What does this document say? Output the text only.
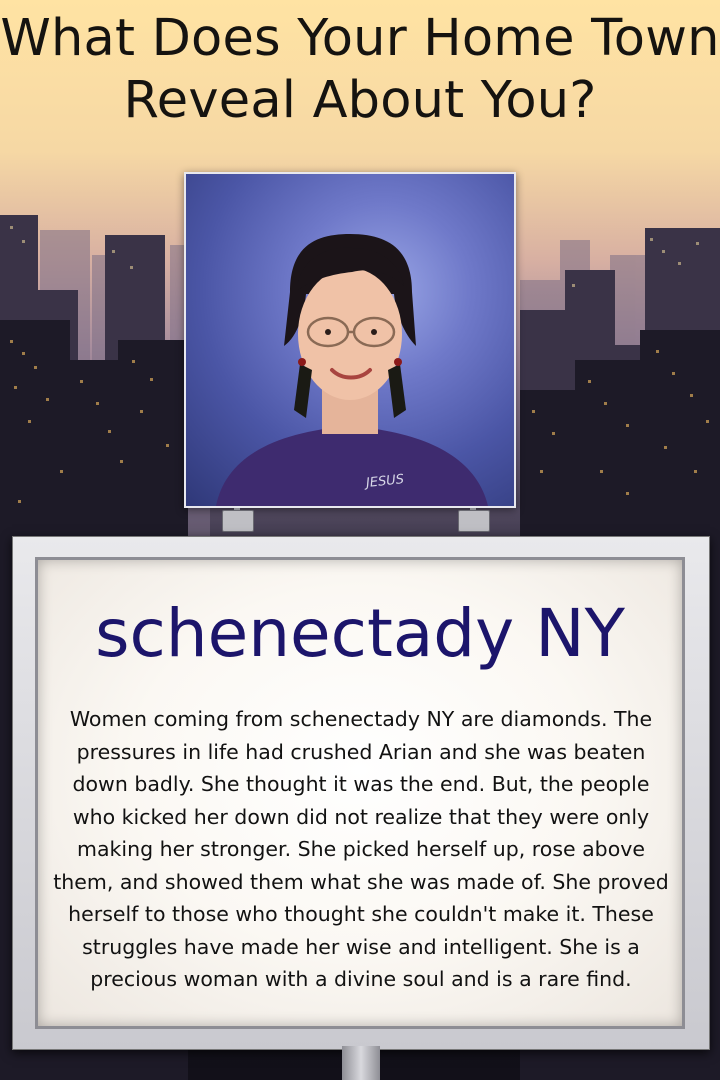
What Does Your Home Town Reveal About You?
JESUS
schenectady NY

Women coming from schenectady NY are diamonds. The pressures in life had crushed Arian and she was beaten down badly. She thought it was the end. But, the people who kicked her down did not realize that they were only making her stronger. She picked herself up, rose above them, and showed them what she was made of. She proved herself to those who thought she couldn't make it. These struggles have made her wise and intelligent. She is a precious woman with a divine soul and is a rare find.
